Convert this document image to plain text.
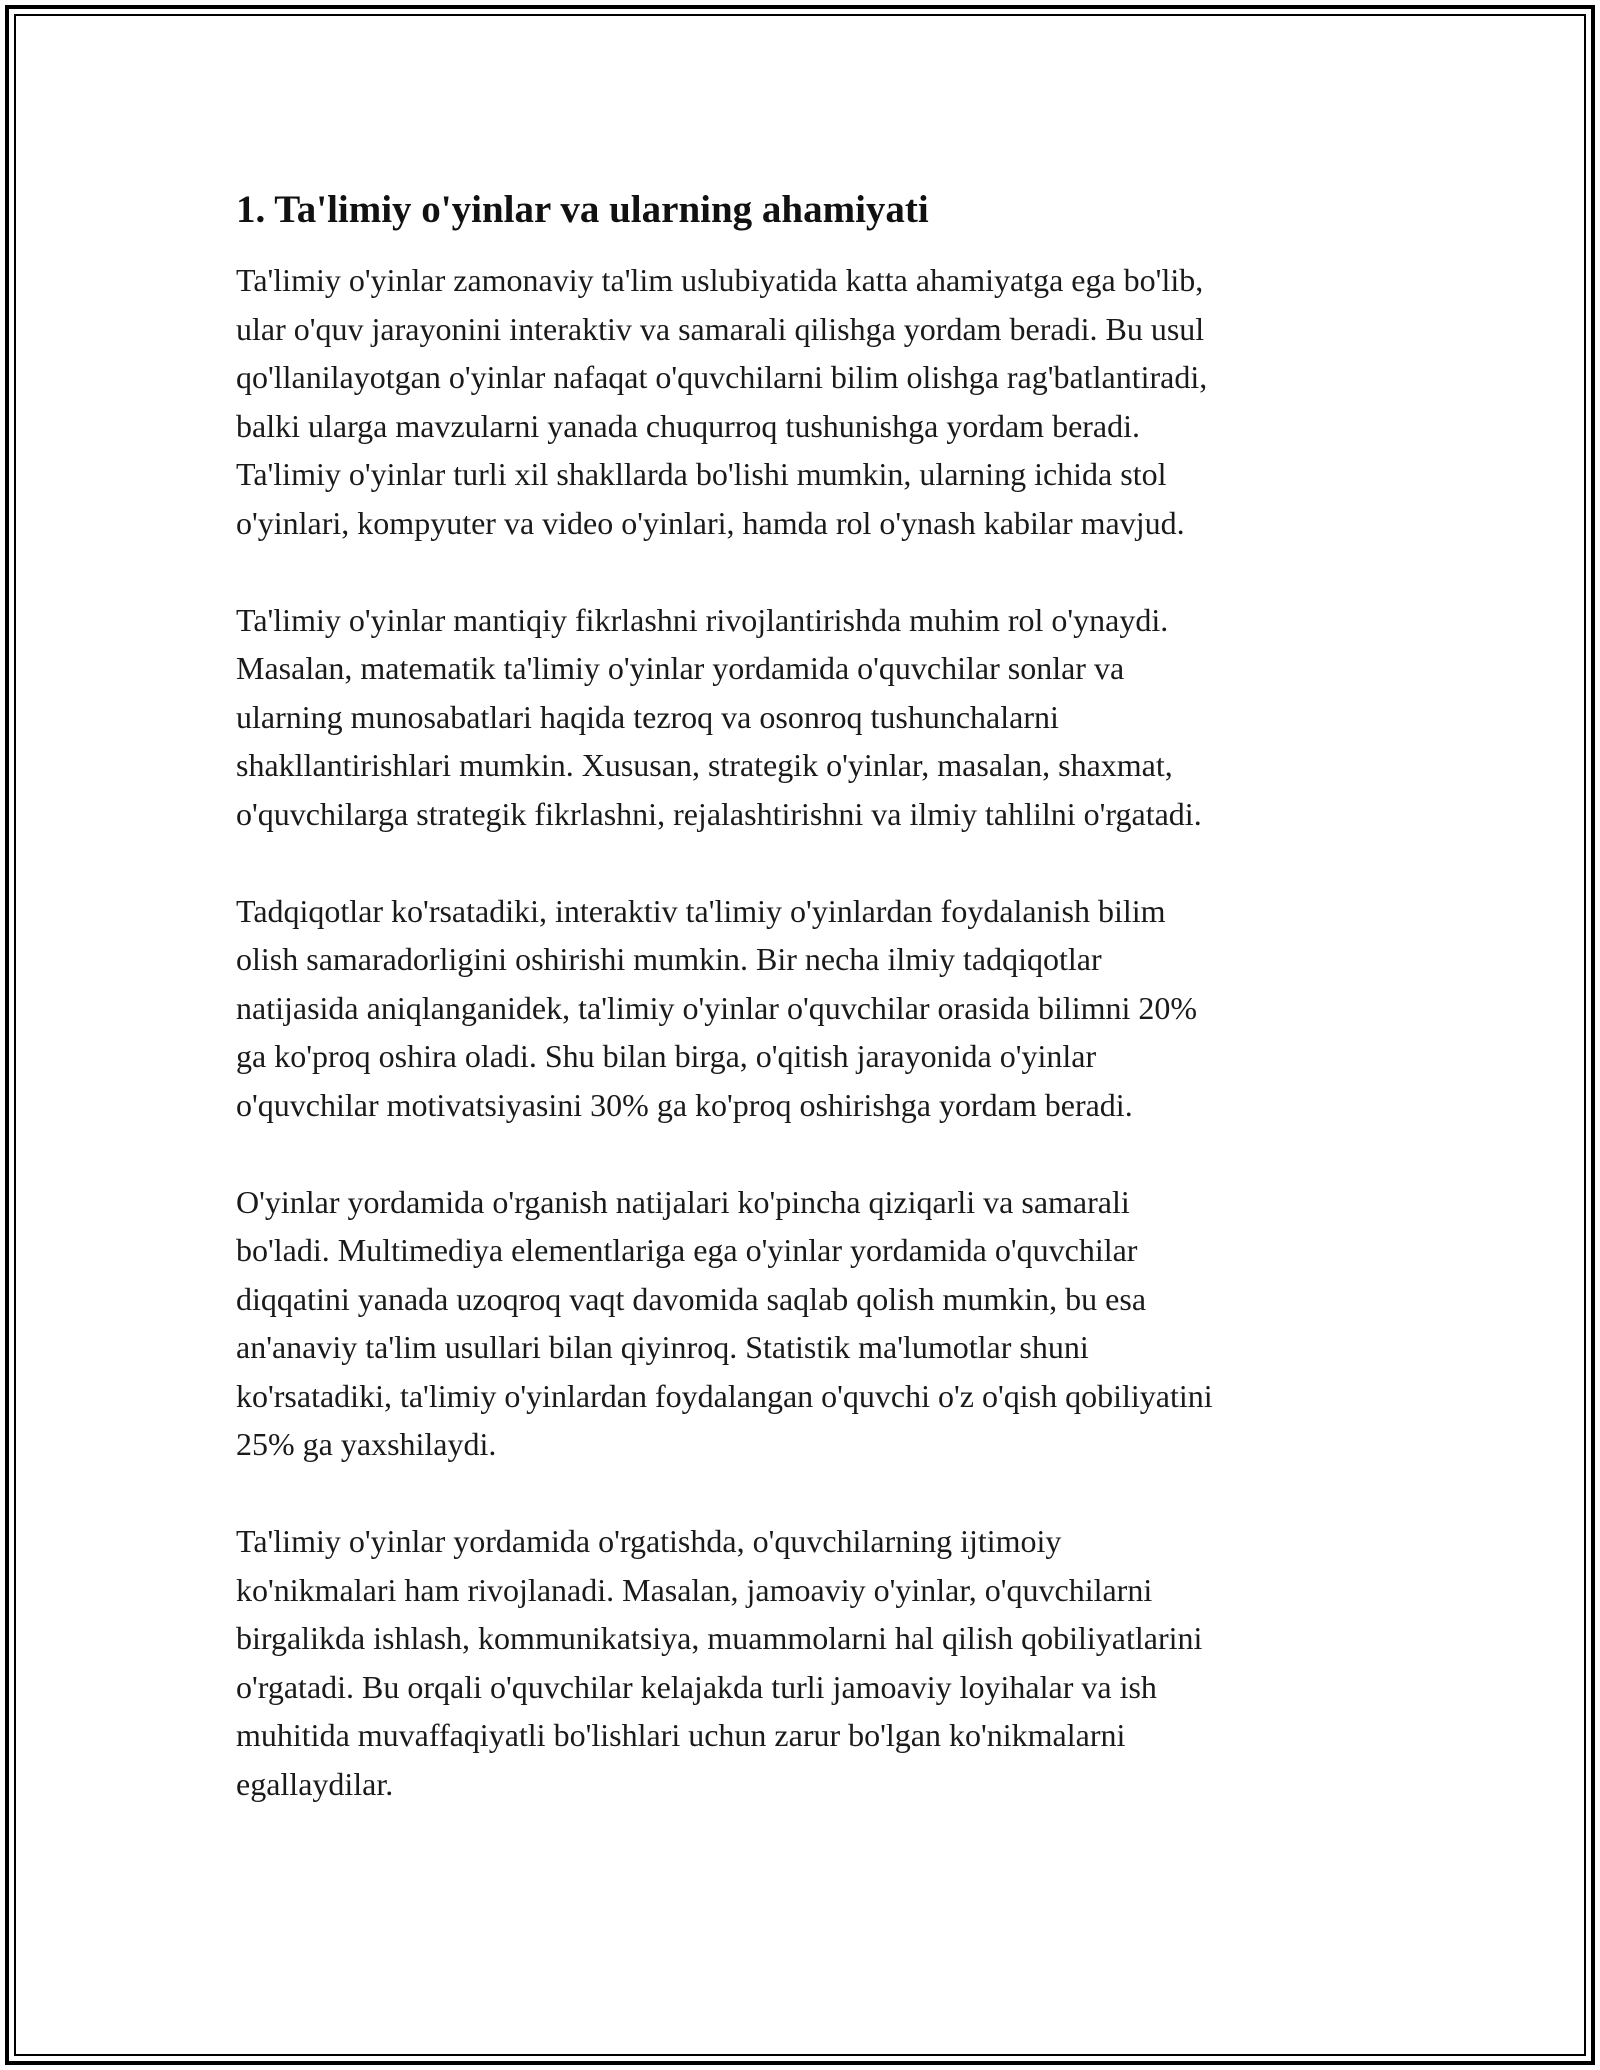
1. Ta'limiy o'yinlar va ularning ahamiyati

Ta'limiy o'yinlar zamonaviy ta'lim uslubiyatida katta ahamiyatga ega bo'lib,
ular o'quv jarayonini interaktiv va samarali qilishga yordam beradi. Bu usul
qo'llanilayotgan o'yinlar nafaqat o'quvchilarni bilim olishga rag'batlantiradi,
balki ularga mavzularni yanada chuqurroq tushunishga yordam beradi.
Ta'limiy o'yinlar turli xil shakllarda bo'lishi mumkin, ularning ichida stol
o'yinlari, kompyuter va video o'yinlari, hamda rol o'ynash kabilar mavjud.

Ta'limiy o'yinlar mantiqiy fikrlashni rivojlantirishda muhim rol o'ynaydi.
Masalan, matematik ta'limiy o'yinlar yordamida o'quvchilar sonlar va
ularning munosabatlari haqida tezroq va osonroq tushunchalarni
shakllantirishlari mumkin. Xususan, strategik o'yinlar, masalan, shaxmat,
o'quvchilarga strategik fikrlashni, rejalashtirishni va ilmiy tahlilni o'rgatadi.

Tadqiqotlar ko'rsatadiki, interaktiv ta'limiy o'yinlardan foydalanish bilim
olish samaradorligini oshirishi mumkin. Bir necha ilmiy tadqiqotlar
natijasida aniqlanganidek, ta'limiy o'yinlar o'quvchilar orasida bilimni 20%
ga ko'proq oshira oladi. Shu bilan birga, o'qitish jarayonida o'yinlar
o'quvchilar motivatsiyasini 30% ga ko'proq oshirishga yordam beradi.

O'yinlar yordamida o'rganish natijalari ko'pincha qiziqarli va samarali
bo'ladi. Multimediya elementlariga ega o'yinlar yordamida o'quvchilar
diqqatini yanada uzoqroq vaqt davomida saqlab qolish mumkin, bu esa
an'anaviy ta'lim usullari bilan qiyinroq. Statistik ma'lumotlar shuni
ko'rsatadiki, ta'limiy o'yinlardan foydalangan o'quvchi o'z o'qish qobiliyatini
25% ga yaxshilaydi.

Ta'limiy o'yinlar yordamida o'rgatishda, o'quvchilarning ijtimoiy
ko'nikmalari ham rivojlanadi. Masalan, jamoaviy o'yinlar, o'quvchilarni
birgalikda ishlash, kommunikatsiya, muammolarni hal qilish qobiliyatlarini
o'rgatadi. Bu orqali o'quvchilar kelajakda turli jamoaviy loyihalar va ish
muhitida muvaffaqiyatli bo'lishlari uchun zarur bo'lgan ko'nikmalarni
egallaydilar.
